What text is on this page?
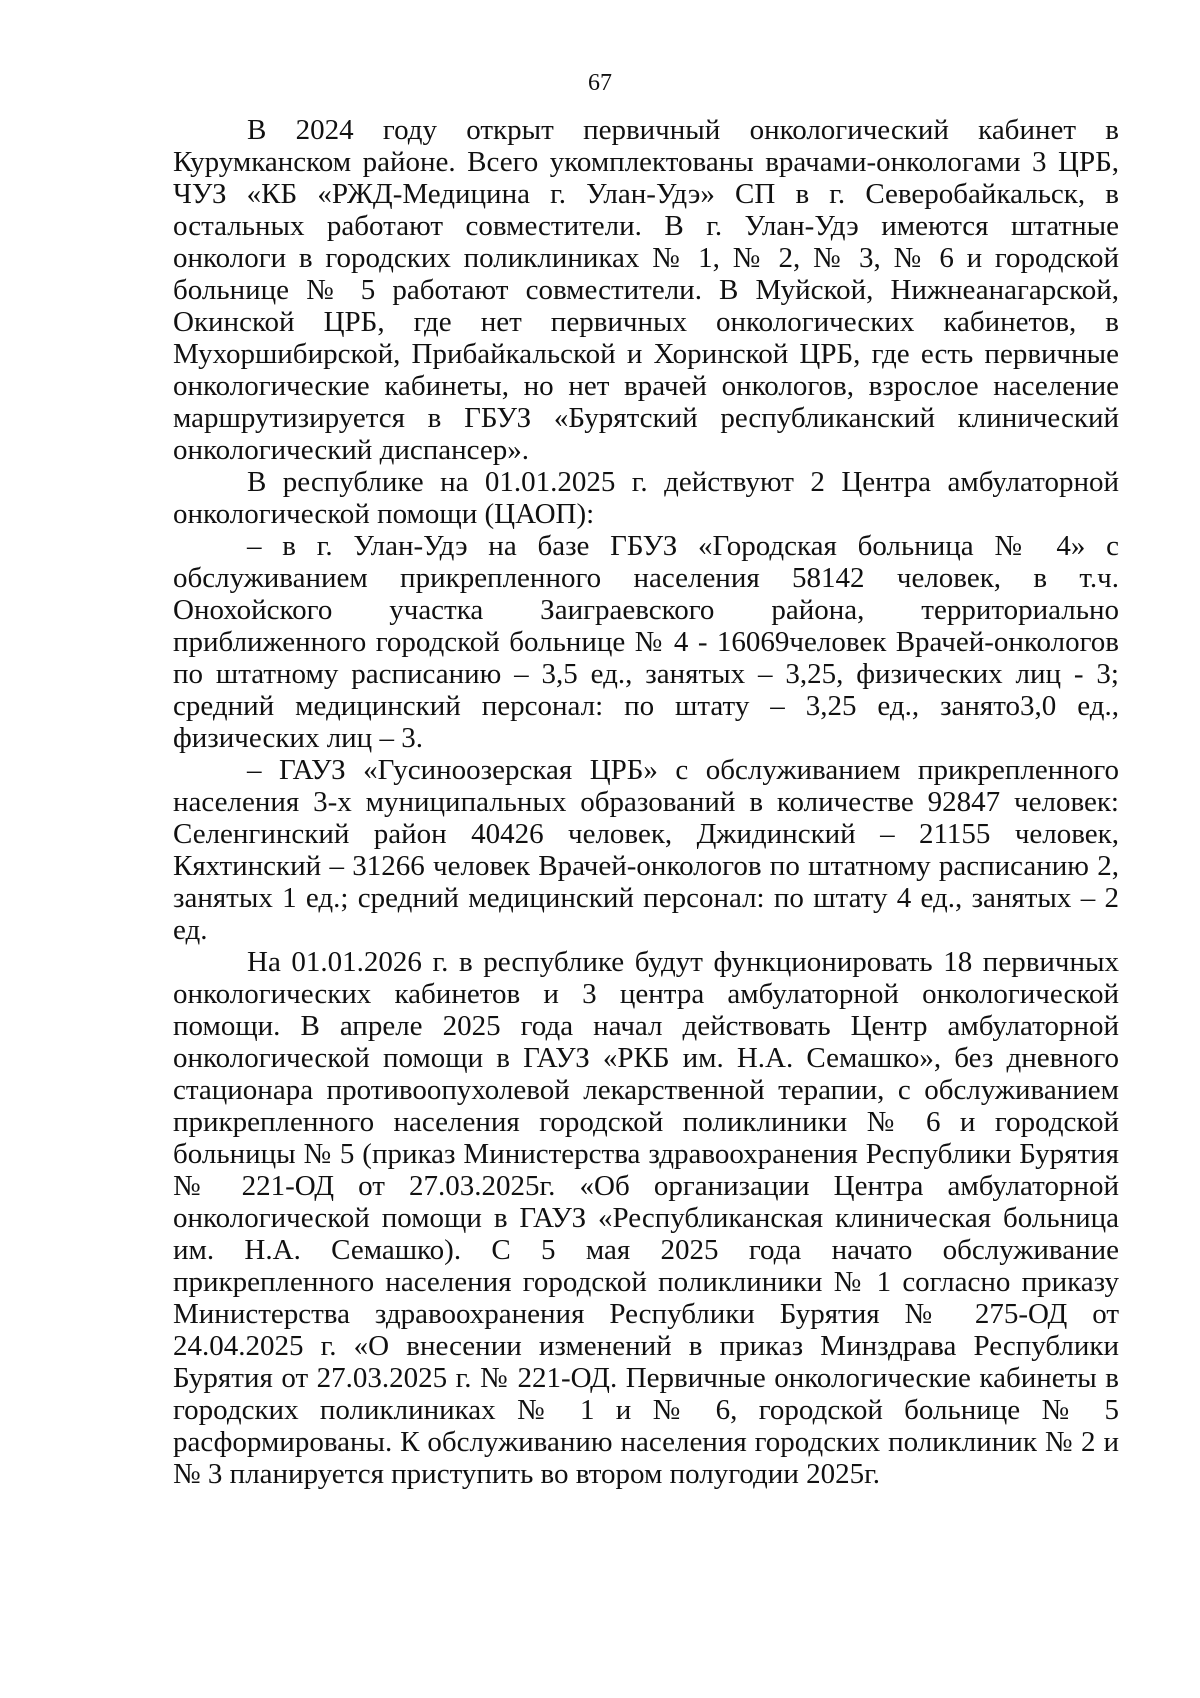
67

В 2024 году открыт первичный онкологический кабинет в Курумканском районе. Всего укомплектованы врачами-онкологами 3 ЦРБ, ЧУЗ «КБ «РЖД-Медицина г. Улан-Удэ» СП в г. Северобайкальск, в остальных работают совместители. В г. Улан-Удэ имеются штатные онкологи в городских поликлиниках № 1, № 2, № 3, № 6 и городской больнице № 5 работают совместители. В Муйской, Нижнеанагарской, Окинской ЦРБ, где нет первичных онкологических кабинетов, в Мухоршибирской, Прибайкальской и Хоринской ЦРБ, где есть первичные онкологические кабинеты, но нет врачей онкологов, взрослое население маршрутизируется в ГБУЗ «Бурятский республиканский клинический онкологический диспансер».

В республике на 01.01.2025 г. действуют 2 Центра амбулаторной онкологической помощи (ЦАОП):

– в г. Улан-Удэ на базе ГБУЗ «Городская больница № 4» с обслуживанием прикрепленного населения 58142 человек, в т.ч. Онохойского участка Заиграевского района, территориально приближенного городской больнице № 4 - 16069человек Врачей-онкологов по штатному расписанию – 3,5 ед., занятых – 3,25, физических лиц - 3; средний медицинский персонал: по штату – 3,25 ед., занято3,0 ед., физических лиц – 3.

– ГАУЗ «Гусиноозерская ЦРБ» с обслуживанием прикрепленного населения 3-х муниципальных образований в количестве 92847 человек: Селенгинский район 40426 человек, Джидинский – 21155 человек, Кяхтинский – 31266 человек Врачей-онкологов по штатному расписанию 2, занятых 1 ед.; средний медицинский персонал: по штату 4 ед., занятых – 2 ед.

На 01.01.2026 г. в республике будут функционировать 18 первичных онкологических кабинетов и 3 центра амбулаторной онкологической помощи. В апреле 2025 года начал действовать Центр амбулаторной онкологической помощи в ГАУЗ «РКБ им. Н.А. Семашко», без дневного стационара противоопухолевой лекарственной терапии, с обслуживанием прикрепленного населения городской поликлиники № 6 и городской больницы № 5 (приказ Министерства здравоохранения Республики Бурятия № 221-ОД от 27.03.2025г. «Об организации Центра амбулаторной онкологической помощи в ГАУЗ «Республиканская клиническая больница им. Н.А. Семашко). С 5 мая 2025 года начато обслуживание прикрепленного населения городской поликлиники № 1 согласно приказу Министерства здравоохранения Республики Бурятия № 275-ОД от 24.04.2025 г. «О внесении изменений в приказ Минздрава Республики Бурятия от 27.03.2025 г. № 221-ОД. Первичные онкологические кабинеты в городских поликлиниках № 1 и № 6, городской больнице № 5 расформированы. К обслуживанию населения городских поликлиник № 2 и № 3 планируется приступить во втором полугодии 2025г.
